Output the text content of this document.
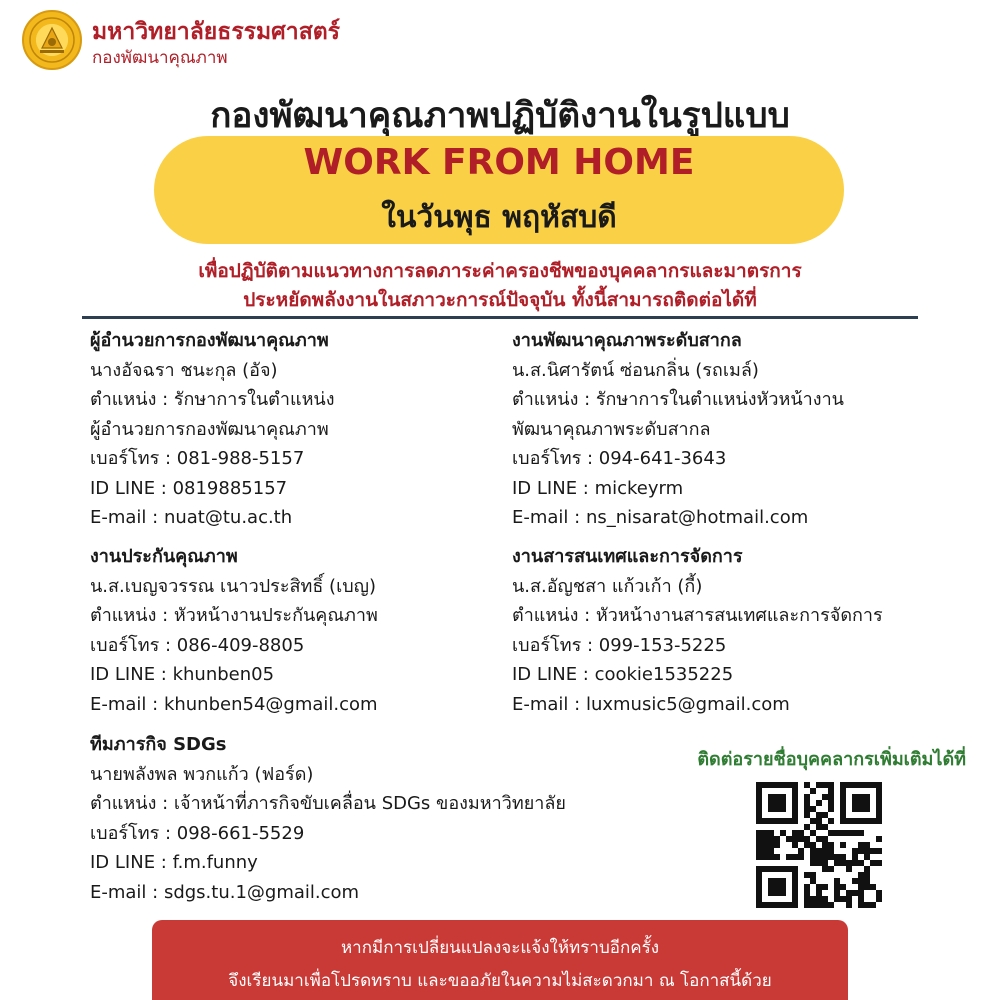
มหาวิทยาลัยธรรมศาสตร์
กองพัฒนาคุณภาพ
กองพัฒนาคุณภาพปฏิบัติงานในรูปแบบ
WORK FROM HOME
ในวันพุธ พฤหัสบดี
เพื่อปฏิบัติตามแนวทางการลดภาระค่าครองชีพของบุคคลากรและมาตรการ
ประหยัดพลังงานในสภาวะการณ์ปัจจุบัน ทั้งนี้สามารถติดต่อได้ที่
ผู้อำนวยการกองพัฒนาคุณภาพ
นางอัจฉรา ชนะกุล (อัจ)
ตำแหน่ง : รักษาการในตำแหน่ง
ผู้อำนวยการกองพัฒนาคุณภาพ
เบอร์โทร : 081-988-5157
ID LINE : 0819885157
E-mail : nuat@tu.ac.th
งานพัฒนาคุณภาพระดับสากล
น.ส.นิศารัตน์ ซ่อนกลิ่น (รถเมล์)
ตำแหน่ง : รักษาการในตำแหน่งหัวหน้างาน
พัฒนาคุณภาพระดับสากล
เบอร์โทร : 094-641-3643
ID LINE : mickeyrm
E-mail : ns_nisarat@hotmail.com
งานประกันคุณภาพ
น.ส.เบญจวรรณ เนาวประสิทธิ์ (เบญ)
ตำแหน่ง : หัวหน้างานประกันคุณภาพ
เบอร์โทร : 086-409-8805
ID LINE : khunben05
E-mail : khunben54@gmail.com
งานสารสนเทศและการจัดการ
น.ส.อัญชสา แก้วเก้า (กี้)
ตำแหน่ง : หัวหน้างานสารสนเทศและการจัดการ
เบอร์โทร : 099-153-5225
ID LINE : cookie1535225
E-mail : luxmusic5@gmail.com
ทีมภารกิจ SDGs
นายพลังพล พวกแก้ว (ฟอร์ด)
ตำแหน่ง : เจ้าหน้าที่ภารกิจขับเคลื่อน SDGs ของมหาวิทยาลัย
เบอร์โทร : 098-661-5529
ID LINE : f.m.funny
E-mail : sdgs.tu.1@gmail.com
ติดต่อรายชื่อบุคคลากรเพิ่มเติมได้ที่
หากมีการเปลี่ยนแปลงจะแจ้งให้ทราบอีกครั้ง
จึงเรียนมาเพื่อโปรดทราบ และขออภัยในความไม่สะดวกมา ณ โอกาสนี้ด้วย
